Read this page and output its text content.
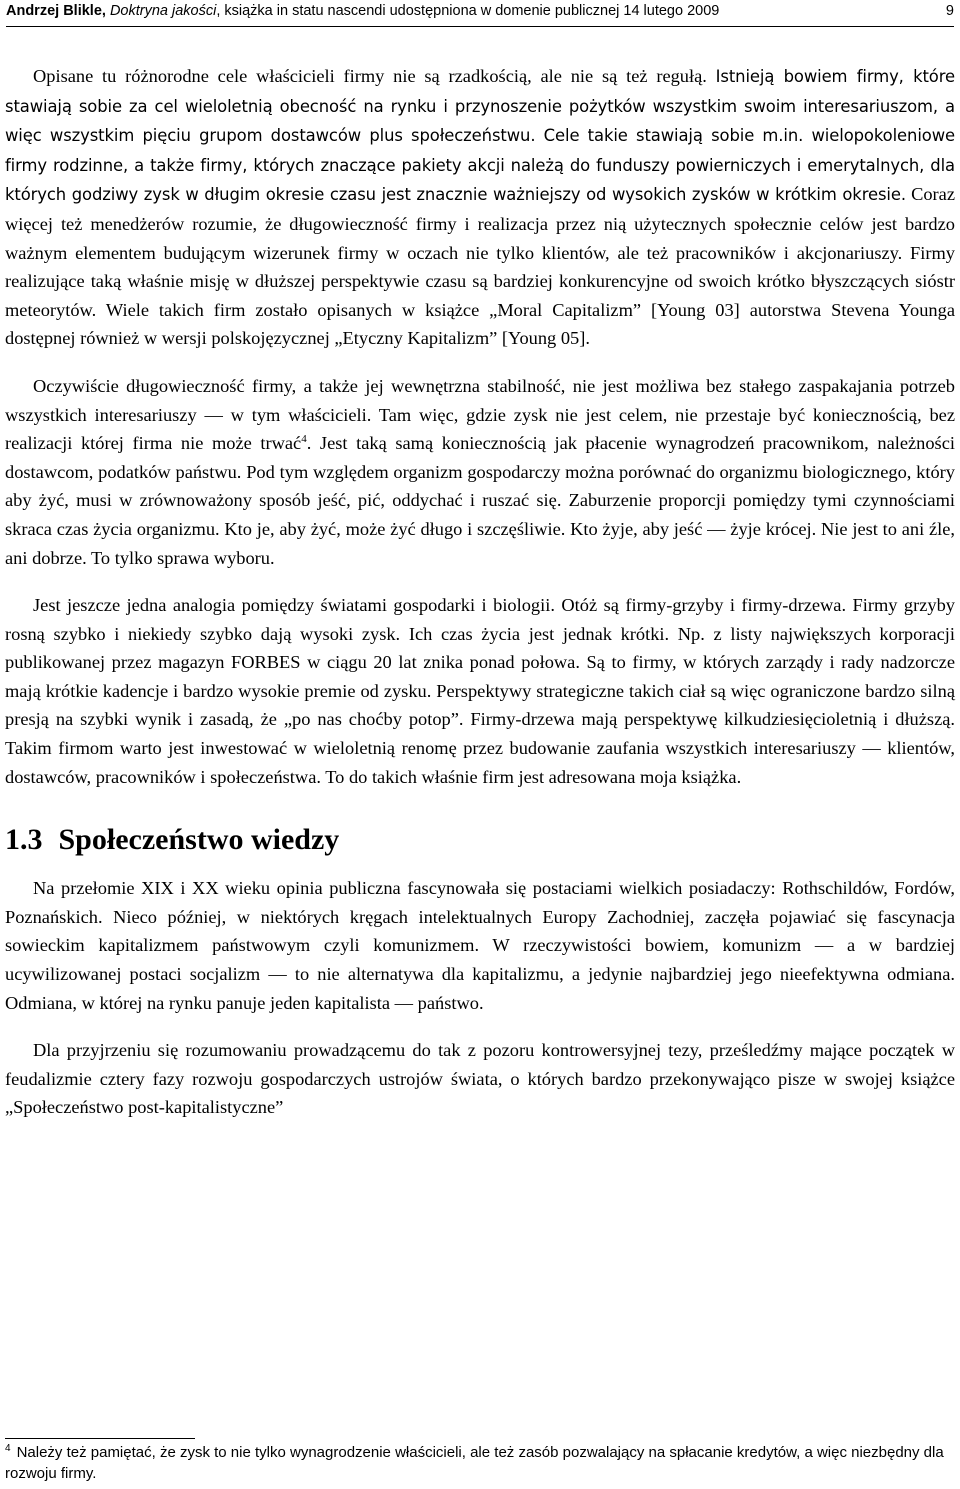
Andrzej Blikle, Doktryna jakości, książka in statu nascendi udostępniona w domenie publicznej 14 lutego 2009	9

Opisane tu różnorodne cele właścicieli firmy nie są rzadkością, ale nie są też regułą. Istnieją bowiem firmy, które stawiają sobie za cel wieloletnią obecność na rynku i przynoszenie pożytków wszystkim swoim interesariuszom, a więc wszystkim pięciu grupom dostawców plus społeczeństwu. Cele takie stawiają sobie m.in. wielopokoleniowe firmy rodzinne, a także firmy, których znaczące pakiety akcji należą do funduszy powierniczych i emerytalnych, dla których godziwy zysk w długim okresie czasu jest znacznie ważniejszy od wysokich zysków w krótkim okresie. Coraz więcej też menedżerów rozumie, że długowieczność firmy i realizacja przez nią użytecznych społecznie celów jest bardzo ważnym elementem budującym wizerunek firmy w oczach nie tylko klientów, ale też pracowników i akcjonariuszy. Firmy realizujące taką właśnie misję w dłuższej perspektywie czasu są bardziej konkurencyjne od swoich krótko błyszczących sióstr meteorytów. Wiele takich firm zostało opisanych w książce „Moral Capitalizm” [Young 03] autorstwa Stevena Younga dostępnej również w wersji polskojęzycznej „Etyczny Kapitalizm” [Young 05].

Oczywiście długowieczność firmy, a także jej wewnętrzna stabilność, nie jest możliwa bez stałego zaspakajania potrzeb wszystkich interesariuszy — w tym właścicieli. Tam więc, gdzie zysk nie jest celem, nie przestaje być koniecznością, bez realizacji której firma nie może trwać$^4$. Jest taką samą koniecznością jak płacenie wynagrodzeń pracownikom, należności dostawcom, podatków państwu. Pod tym względem organizm gospodarczy można porównać do organizmu biologicznego, który aby żyć, musi w zrównoważony sposób jeść, pić, oddychać i ruszać się. Zaburzenie proporcji pomiędzy tymi czynnościami skraca czas życia organizmu. Kto je, aby żyć, może żyć długo i szczęśliwie. Kto żyje, aby jeść — żyje krócej. Nie jest to ani źle, ani dobrze. To tylko sprawa wyboru.

Jest jeszcze jedna analogia pomiędzy światami gospodarki i biologii. Otóż są firmy-grzyby i firmy-drzewa. Firmy grzyby rosną szybko i niekiedy szybko dają wysoki zysk. Ich czas życia jest jednak krótki. Np. z listy największych korporacji publikowanej przez magazyn FORBES w ciągu 20 lat znika ponad połowa. Są to firmy, w których zarządy i rady nadzorcze mają krótkie kadencje i bardzo wysokie premie od zysku. Perspektywy strategiczne takich ciał są więc ograniczone bardzo silną presją na szybki wynik i zasadą, że „po nas choćby potop”. Firmy-drzewa mają perspektywę kilkudziesięcioletnią i dłuższą. Takim firmom warto jest inwestować w wieloletnią renomę przez budowanie zaufania wszystkich interesariuszy — klientów, dostawców, pracowników i społeczeństwa. To do takich właśnie firm jest adresowana moja książka.

1.3 Społeczeństwo wiedzy

Na przełomie XIX i XX wieku opinia publiczna fascynowała się postaciami wielkich posiadaczy: Rothschildów, Fordów, Poznańskich. Nieco później, w niektórych kręgach intelektualnych Europy Zachodniej, zaczęła pojawiać się fascynacja sowieckim kapitalizmem państwowym czyli komunizmem. W rzeczywistości bowiem, komunizm — a w bardziej ucywilizowanej postaci socjalizm — to nie alternatywa dla kapitalizmu, a jedynie najbardziej jego nieefektywna odmiana. Odmiana, w której na rynku panuje jeden kapitalista — państwo.

Dla przyjrzeniu się rozumowaniu prowadzącemu do tak z pozoru kontrowersyjnej tezy, prześledźmy mające początek w feudalizmie cztery fazy rozwoju gospodarczych ustrojów świata, o których bardzo przekonywająco pisze w swojej książce „Społeczeństwo post-kapitalistyczne”

$^4$ Należy też pamiętać, że zysk to nie tylko wynagrodzenie właścicieli, ale też zasób pozwalający na spłacanie kredytów, a więc niezbędny dla rozwoju firmy.
